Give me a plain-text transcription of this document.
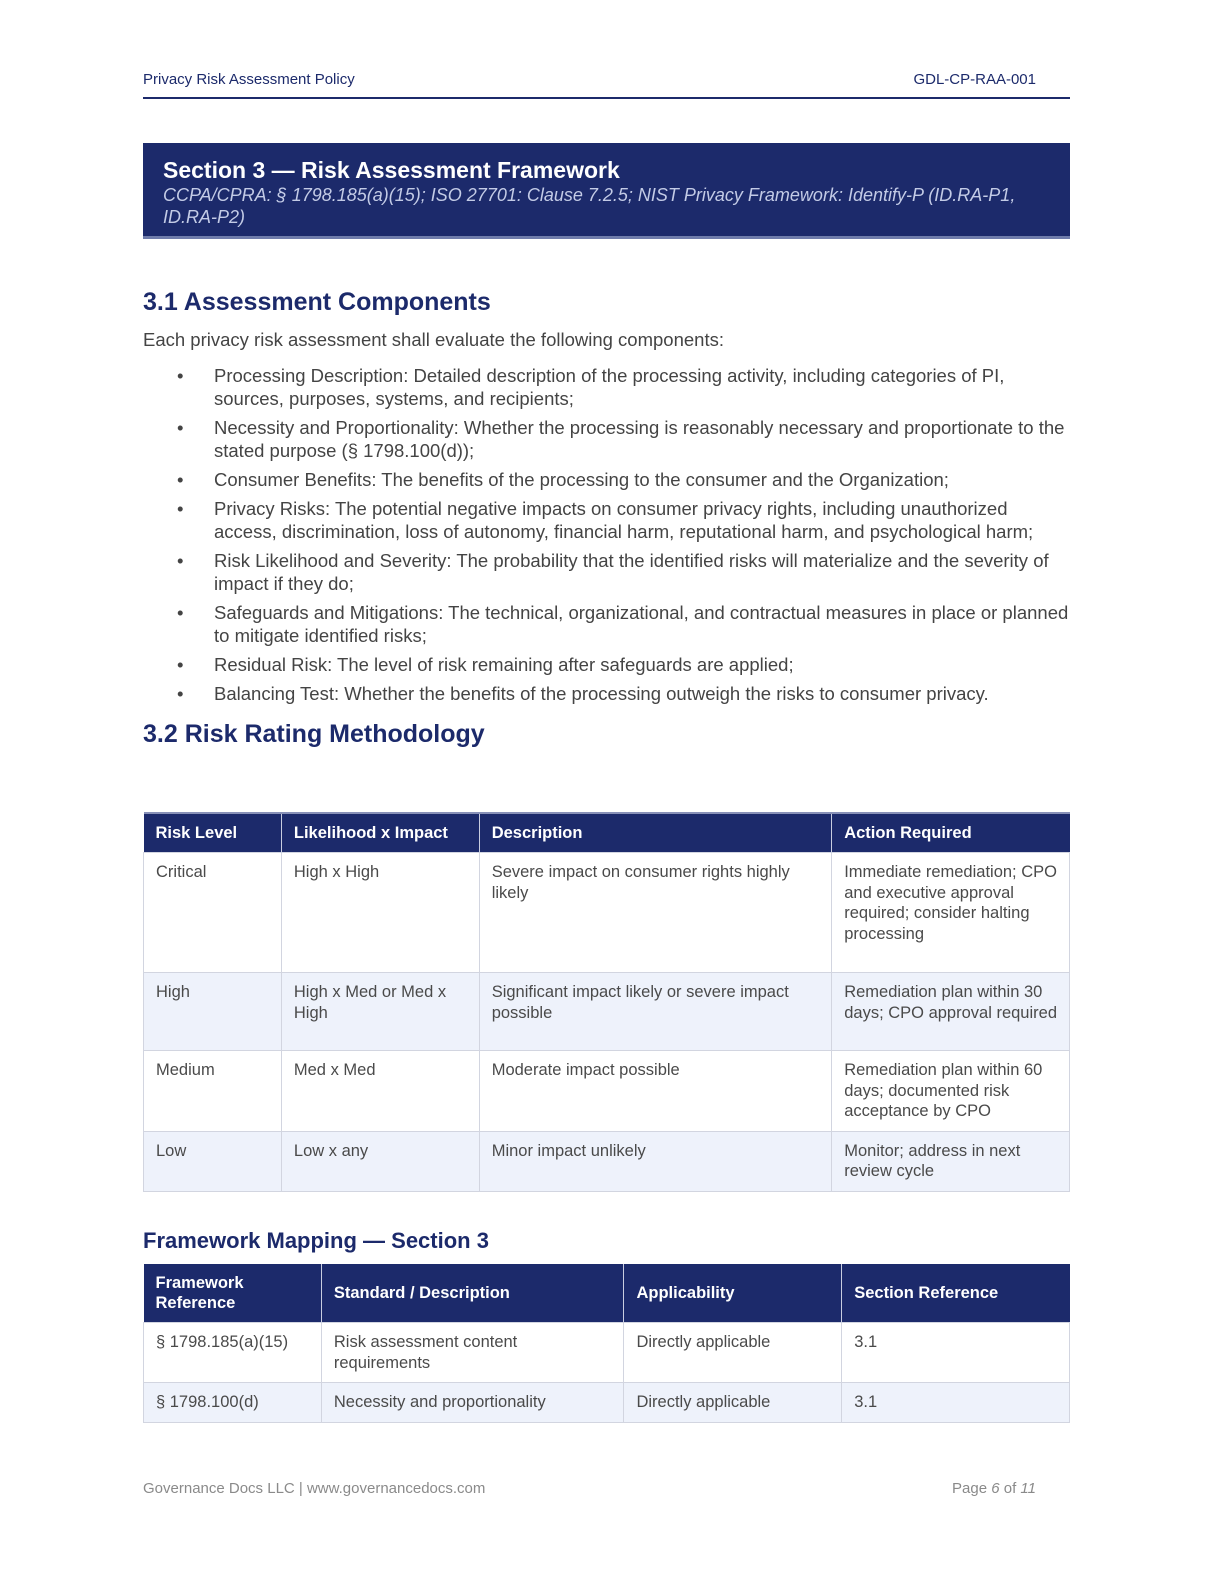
Privacy Risk Assessment Policy	GDL-CP-RAA-001
Section 3 — Risk Assessment Framework
CCPA/CPRA: § 1798.185(a)(15); ISO 27701: Clause 7.2.5; NIST Privacy Framework: Identify-P (ID.RA-P1, ID.RA-P2)
3.1 Assessment Components
Each privacy risk assessment shall evaluate the following components:
• Processing Description: Detailed description of the processing activity, including categories of PI, sources, purposes, systems, and recipients;
• Necessity and Proportionality: Whether the processing is reasonably necessary and proportionate to the stated purpose (§ 1798.100(d));
• Consumer Benefits: The benefits of the processing to the consumer and the Organization;
• Privacy Risks: The potential negative impacts on consumer privacy rights, including unauthorized access, discrimination, loss of autonomy, financial harm, reputational harm, and psychological harm;
• Risk Likelihood and Severity: The probability that the identified risks will materialize and the severity of impact if they do;
• Safeguards and Mitigations: The technical, organizational, and contractual measures in place or planned to mitigate identified risks;
• Residual Risk: The level of risk remaining after safeguards are applied;
• Balancing Test: Whether the benefits of the processing outweigh the risks to consumer privacy.
3.2 Risk Rating Methodology
Risk Level	Likelihood x Impact	Description	Action Required
Critical	High x High	Severe impact on consumer rights highly likely	Immediate remediation; CPO and executive approval required; consider halting processing
High	High x Med or Med x High	Significant impact likely or severe impact possible	Remediation plan within 30 days; CPO approval required
Medium	Med x Med	Moderate impact possible	Remediation plan within 60 days; documented risk acceptance by CPO
Low	Low x any	Minor impact unlikely	Monitor; address in next review cycle
Framework Mapping — Section 3
Framework Reference	Standard / Description	Applicability	Section Reference
§ 1798.185(a)(15)	Risk assessment content requirements	Directly applicable	3.1
§ 1798.100(d)	Necessity and proportionality	Directly applicable	3.1
Governance Docs LLC | www.governancedocs.com	Page 6 of 11
